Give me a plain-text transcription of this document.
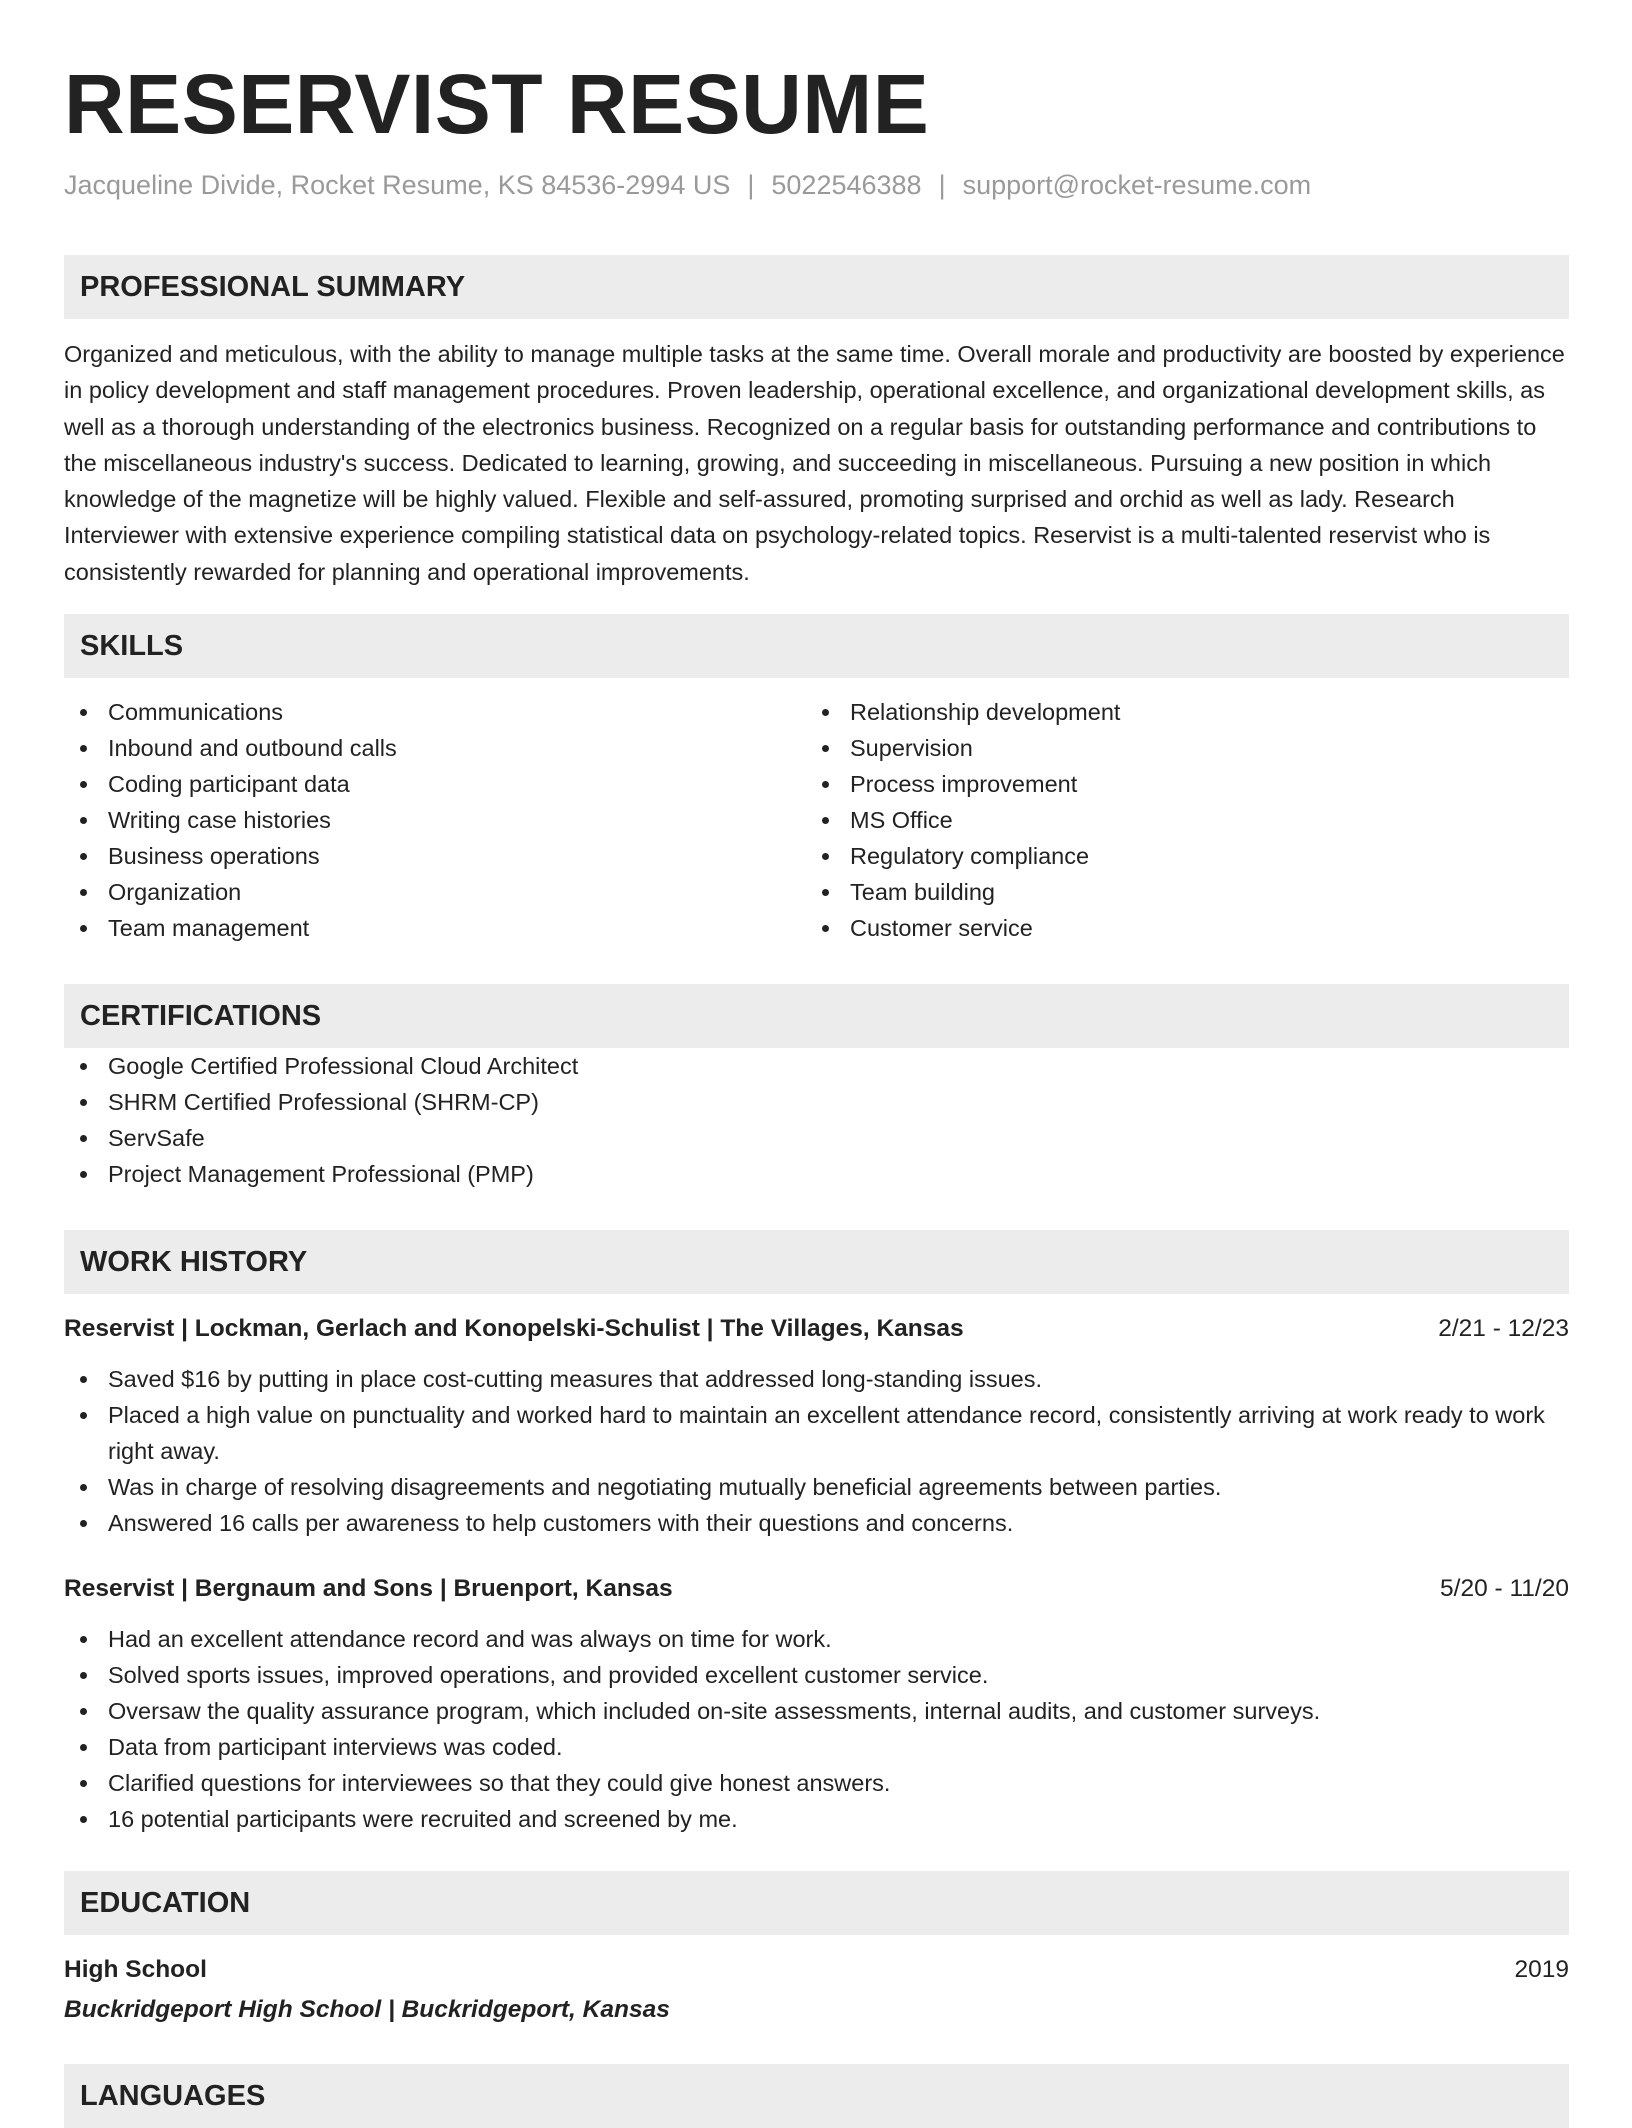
RESERVIST RESUME
Jacqueline Divide, Rocket Resume, KS 84536-2994 US | 5022546388 | support@rocket-resume.com
PROFESSIONAL SUMMARY

Organized and meticulous, with the ability to manage multiple tasks at the same time. Overall morale and productivity are boosted by experience in policy development and staff management procedures. Proven leadership, operational excellence, and organizational development skills, as well as a thorough understanding of the electronics business. Recognized on a regular basis for outstanding performance and contributions to the miscellaneous industry's success. Dedicated to learning, growing, and succeeding in miscellaneous. Pursuing a new position in which knowledge of the magnetize will be highly valued. Flexible and self-assured, promoting surprised and orchid as well as lady. Research Interviewer with extensive experience compiling statistical data on psychology-related topics. Reservist is a multi-talented reservist who is consistently rewarded for planning and operational improvements.

SKILLS
Communications
Inbound and outbound calls
Coding participant data
Writing case histories
Business operations
Organization
Team management
Relationship development
Supervision
Process improvement
MS Office
Regulatory compliance
Team building
Customer service
CERTIFICATIONS
Google Certified Professional Cloud Architect
SHRM Certified Professional (SHRM-CP)
ServSafe
Project Management Professional (PMP)
WORK HISTORY
Reservist | Lockman, Gerlach and Konopelski-Schulist | The Villages, Kansas	2/21 - 12/23
Saved $16 by putting in place cost-cutting measures that addressed long-standing issues.
Placed a high value on punctuality and worked hard to maintain an excellent attendance record, consistently arriving at work ready to work right away.
Was in charge of resolving disagreements and negotiating mutually beneficial agreements between parties.
Answered 16 calls per awareness to help customers with their questions and concerns.
Reservist | Bergnaum and Sons | Bruenport, Kansas	5/20 - 11/20
Had an excellent attendance record and was always on time for work.
Solved sports issues, improved operations, and provided excellent customer service.
Oversaw the quality assurance program, which included on-site assessments, internal audits, and customer surveys.
Data from participant interviews was coded.
Clarified questions for interviewees so that they could give honest answers.
16 potential participants were recruited and screened by me.
EDUCATION
High School	2019
Buckridgeport High School | Buckridgeport, Kansas
LANGUAGES
